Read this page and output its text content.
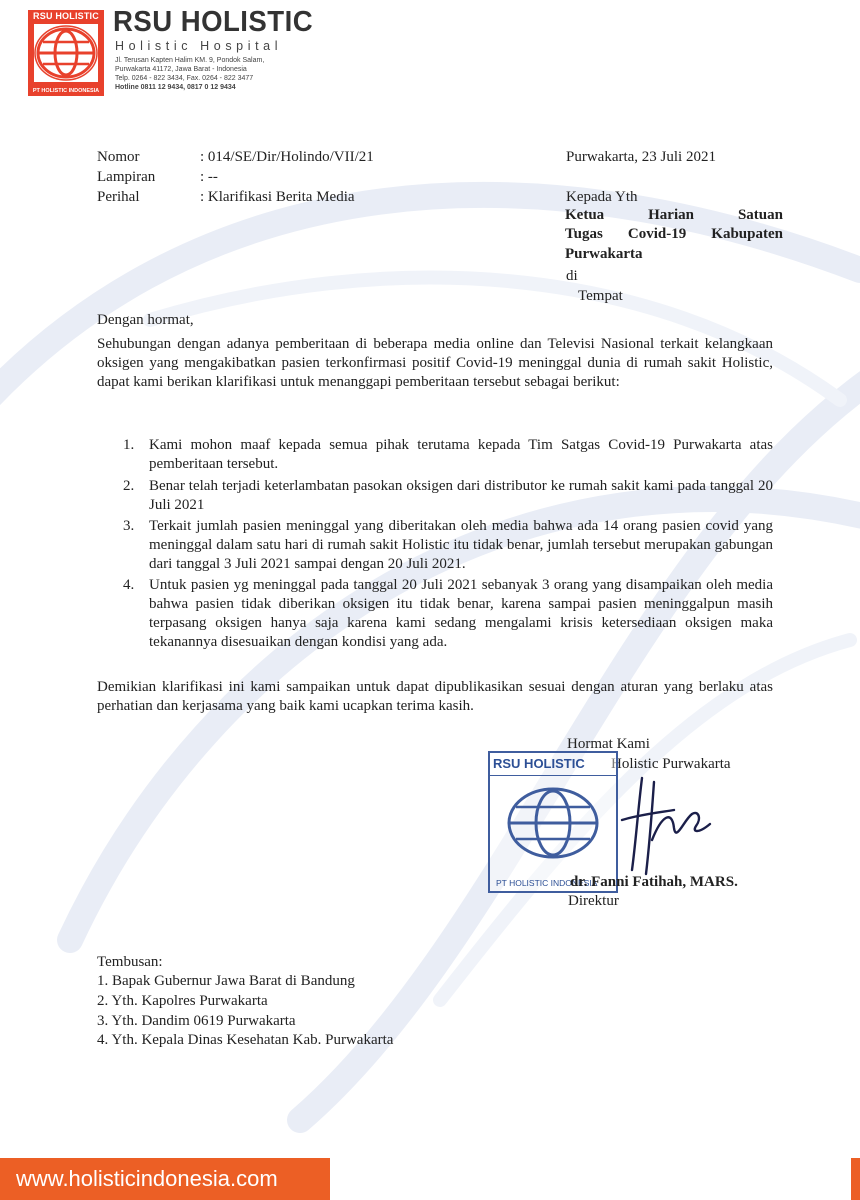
RSU HOLISTIC
PT HOLISTIC INDONESIA
RSU HOLISTIC
Holistic Hospital
Jl. Terusan Kapten Halim KM. 9, Pondok Salam,
Purwakarta 41172, Jawa Barat - Indonesia
Telp. 0264 - 822 3434, Fax. 0264 - 822 3477
Hotline 0811 12 9434, 0817 0 12 9434
Nomor	: 014/SE/Dir/Holindo/VII/21
Lampiran	: --
Perihal	: Klarifikasi Berita Media
Purwakarta, 23 Juli 2021
Kepada Yth
Ketua	Harian	Satuan
Tugas Covid-19 Kabupaten
Purwakarta
di
Tempat
Dengan hormat,
Sehubungan dengan adanya pemberitaan di beberapa media online dan Televisi Nasional terkait kelangkaan oksigen yang mengakibatkan pasien terkonfirmasi positif Covid-19 meninggal dunia di rumah sakit Holistic, dapat kami berikan klarifikasi untuk menanggapi pemberitaan tersebut sebagai berikut:
1. Kami mohon maaf kepada semua pihak terutama kepada Tim Satgas Covid-19 Purwakarta atas pemberitaan tersebut.
2. Benar telah terjadi keterlambatan pasokan oksigen dari distributor ke rumah sakit kami pada tanggal 20 Juli 2021
3. Terkait jumlah pasien meninggal yang diberitakan oleh media bahwa ada 14 orang pasien covid yang meninggal dalam satu hari di rumah sakit Holistic itu tidak benar, jumlah tersebut merupakan gabungan dari tanggal 3 Juli 2021 sampai dengan 20 Juli 2021.
4. Untuk pasien yg meninggal pada tanggal 20 Juli 2021 sebanyak 3 orang yang disampaikan oleh media bahwa pasien tidak diberikan oksigen itu tidak benar, karena sampai pasien meninggalpun masih terpasang oksigen hanya saja karena kami sedang mengalami krisis ketersediaan oksigen maka tekanannya disesuaikan dengan kondisi yang ada.
Demikian klarifikasi ini kami sampaikan untuk dapat dipublikasikan sesuai dengan aturan yang berlaku atas perhatian dan kerjasama yang baik kami ucapkan terima kasih.
Hormat Kami
Holistic Purwakarta
RSU HOLISTIC
PT HOLISTIC INDONESIA
dr. Fanni Fatihah, MARS.
Direktur
Tembusan:
1. Bapak Gubernur Jawa Barat di Bandung
2. Yth. Kapolres Purwakarta
3. Yth. Dandim 0619 Purwakarta
4. Yth. Kepala Dinas Kesehatan Kab. Purwakarta
www.holisticindonesia.com
